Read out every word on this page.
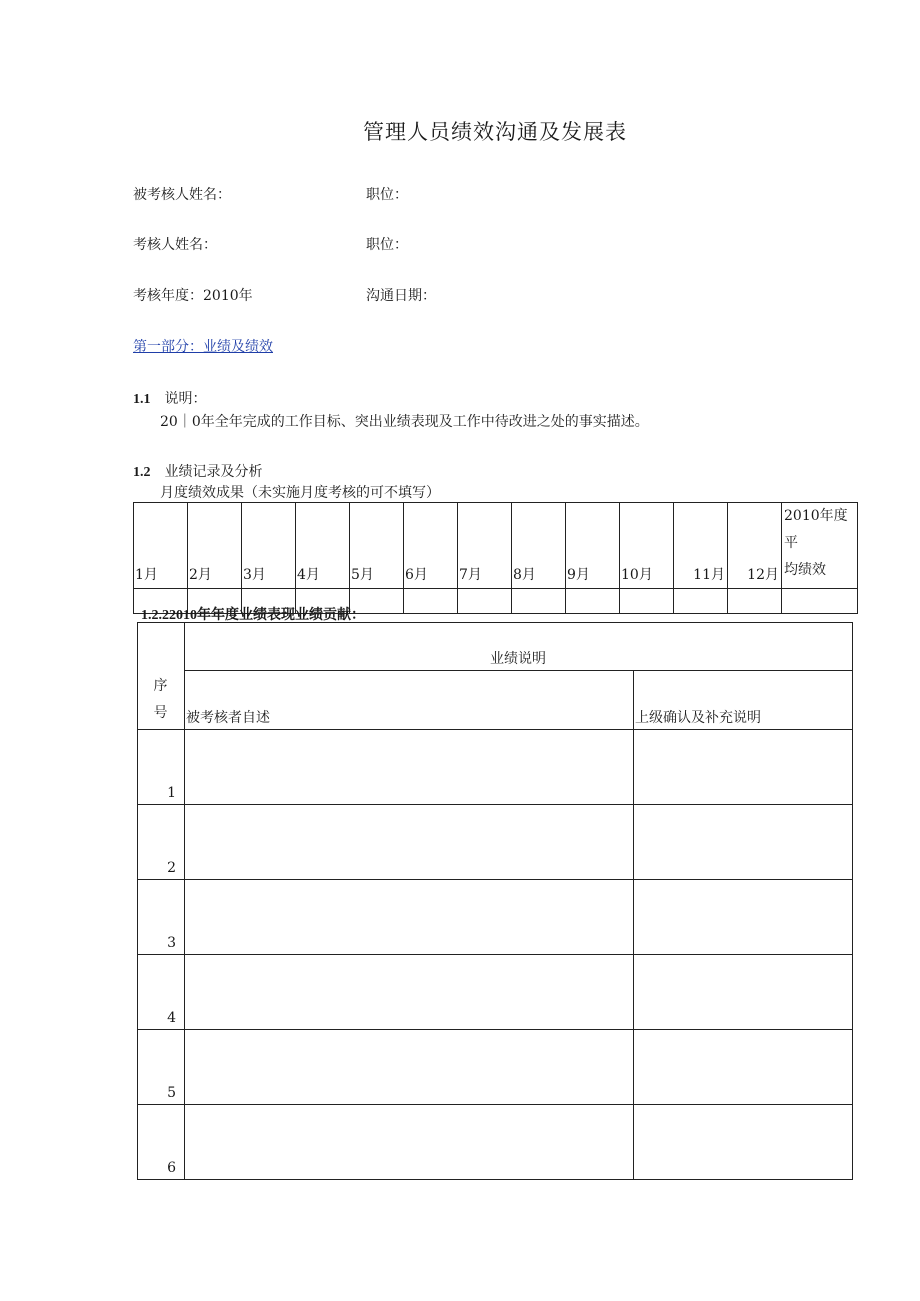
管理人员绩效沟通及发展表
被考核人姓名：	职位：
考核人姓名：	职位：
考核年度：2010年	沟通日期：
第一部分：业绩及绩效
1.1 说明：
20｜0年全年完成的工作目标、突出业绩表现及工作中待改进之处的事实描述。
1.2 业绩记录及分析
月度绩效成果（未实施月度考核的可不填写）
1月	2月	3月	4月	5月	6月	7月	8月	9月	10月	11月	12月	2010年度平
均绩效

1.2.22010年年度业绩表现业绩贡献：
序
号	业绩说明	
	被考核者自述	上级确认及补充说明
1		
2		
3		
4		
5		
6		
